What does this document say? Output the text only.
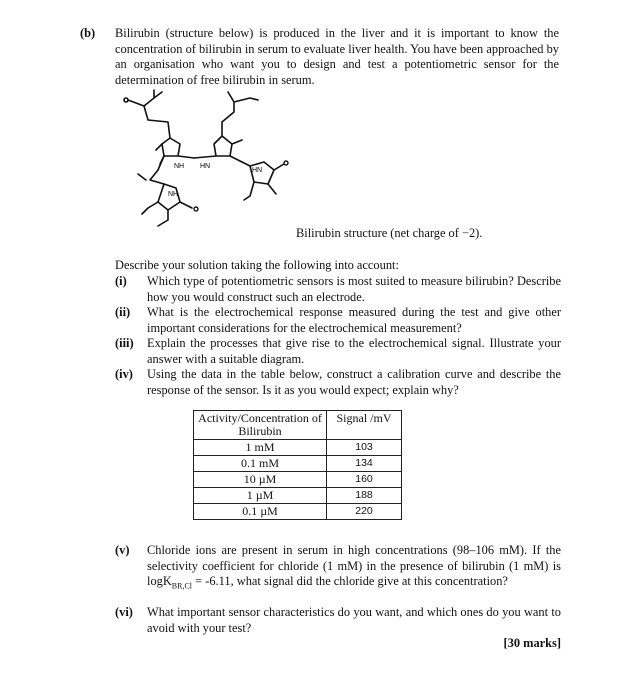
(b) Bilirubin (structure below) is produced in the liver and it is important to know the concentration of bilirubin in serum to evaluate liver health. You have been approached by an organisation who want you to design and test a potentiometric sensor for the determination of free bilirubin in serum.
NH HN
HN
NH
Bilirubin structure (net charge of −2).
Describe your solution taking the following into account:
(i) Which type of potentiometric sensors is most suited to measure bilirubin? Describe how you would construct such an electrode.
(ii) What is the electrochemical response measured during the test and give other important considerations for the electrochemical measurement?
(iii) Explain the processes that give rise to the electrochemical signal. Illustrate your answer with a suitable diagram.
(iv) Using the data in the table below, construct a calibration curve and describe the response of the sensor. Is it as you would expect; explain why?
Activity/Concentration of Bilirubin	Signal /mV
1 mM	103
0.1 mM	134
10 µM	160
1 µM	188
0.1 µM	220
(v) Chloride ions are present in serum in high concentrations (98–106 mM). If the selectivity coefficient for chloride (1 mM) in the presence of bilirubin (1 mM) is logK$_{BR,Cl}$ = -6.11, what signal did the chloride give at this concentration?
(vi) What important sensor characteristics do you want, and which ones do you want to avoid with your test?
[30 marks]
